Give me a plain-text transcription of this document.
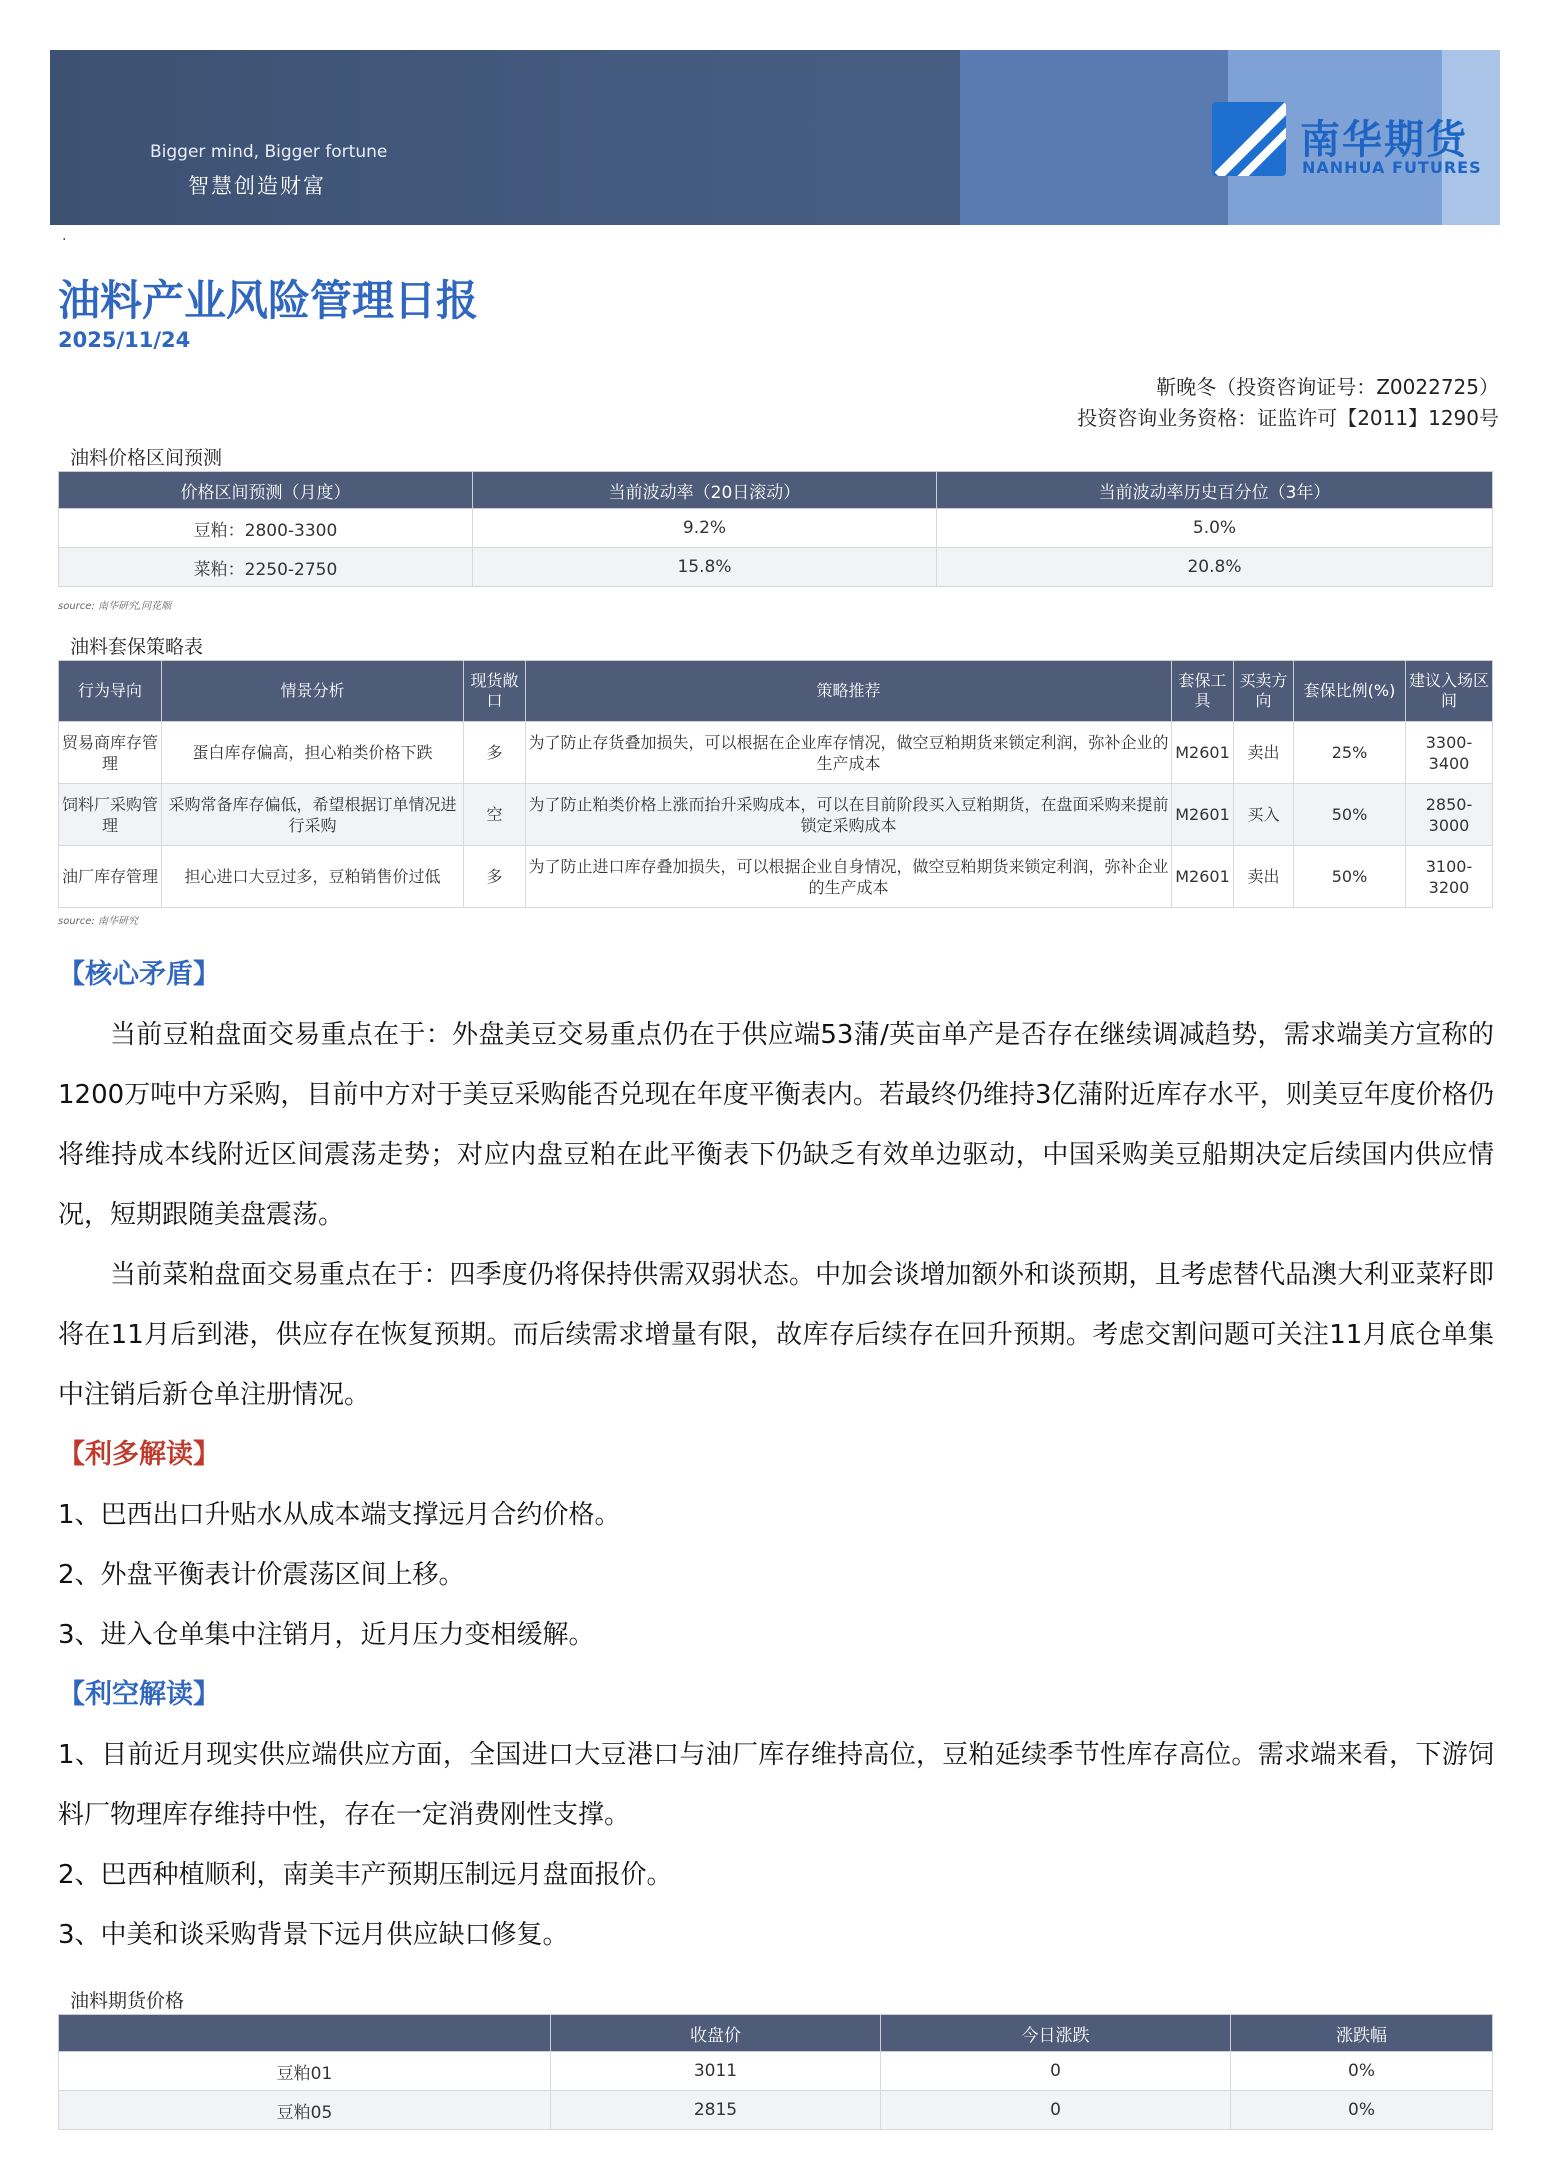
Bigger mind, Bigger fortune
智慧创造财富
南华期货
NANHUA FUTURES
.
油料产业风险管理日报
2025/11/24
靳晚冬（投资咨询证号：Z0022725）
投资咨询业务资格：证监许可【2011】1290号
油料价格区间预测
价格区间预测（月度）	当前波动率（20日滚动）	当前波动率历史百分位（3年）
豆粕：2800-3300	9.2%	5.0%
菜粕：2250-2750	15.8%	20.8%
source: 南华研究,同花顺
油料套保策略表
行为导向	情景分析	现货敞口	策略推荐	套保工具	买卖方向	套保比例(%)	建议入场区间
贸易商库存管理	蛋白库存偏高，担心粕类价格下跌	多	为了防止存货叠加损失，可以根据在企业库存情况，做空豆粕期货来锁定利润，弥补企业的生产成本	M2601	卖出	25%	3300-3400
饲料厂采购管理	采购常备库存偏低，希望根据订单情况进行采购	空	为了防止粕类价格上涨而抬升采购成本，可以在目前阶段买入豆粕期货，在盘面采购来提前锁定采购成本	M2601	买入	50%	2850-3000
油厂库存管理	担心进口大豆过多，豆粕销售价过低	多	为了防止进口库存叠加损失，可以根据企业自身情况，做空豆粕期货来锁定利润，弥补企业的生产成本	M2601	卖出	50%	3100-3200
source: 南华研究

【核心矛盾】

当前豆粕盘面交易重点在于：外盘美豆交易重点仍在于供应端53蒲/英亩单产是否存在继续调减趋势，需求端美方宣称的1200万吨中方采购，目前中方对于美豆采购能否兑现在年度平衡表内。若最终仍维持3亿蒲附近库存水平，则美豆年度价格仍将维持成本线附近区间震荡走势；对应内盘豆粕在此平衡表下仍缺乏有效单边驱动，中国采购美豆船期决定后续国内供应情况，短期跟随美盘震荡。

当前菜粕盘面交易重点在于：四季度仍将保持供需双弱状态。中加会谈增加额外和谈预期，且考虑替代品澳大利亚菜籽即将在11月后到港，供应存在恢复预期。而后续需求增量有限，故库存后续存在回升预期。考虑交割问题可关注11月底仓单集中注销后新仓单注册情况。

【利多解读】

1、巴西出口升贴水从成本端支撑远月合约价格。

2、外盘平衡表计价震荡区间上移。

3、进入仓单集中注销月，近月压力变相缓解。

【利空解读】

1、目前近月现实供应端供应方面，全国进口大豆港口与油厂库存维持高位，豆粕延续季节性库存高位。需求端来看，下游饲料厂物理库存维持中性，存在一定消费刚性支撑。

2、巴西种植顺利，南美丰产预期压制远月盘面报价。

3、中美和谈采购背景下远月供应缺口修复。

油料期货价格
	收盘价	今日涨跌	涨跌幅
豆粕01	3011	0	0%
豆粕05	2815	0	0%
